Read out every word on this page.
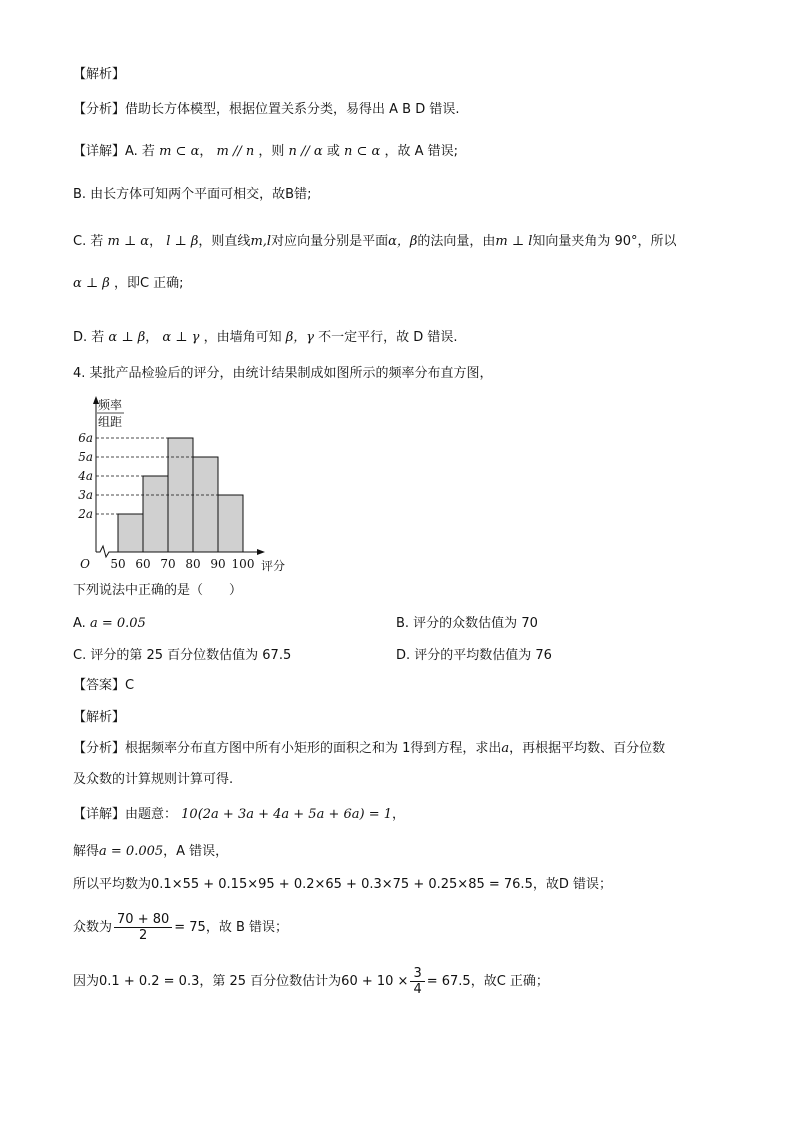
【解析】
【分析】借助长方体模型，根据位置关系分类，易得出 A B D 错误.
【详解】A. 若 m ⊂ α， m // n ，则 n // α 或 n ⊂ α ，故 A 错误;
B. 由长方体可知两个平面可相交，故B错;
C. 若 m ⊥ α， l ⊥ β，则直线m,l对应向量分别是平面α，β的法向量，由m ⊥ l知向量夹角为 90°，所以
α ⊥ β ，即C 正确;
D. 若 α ⊥ β， α ⊥ γ ，由墙角可知 β，γ 不一定平行，故 D 错误.
4. 某批产品检验后的评分，由统计结果制成如图所示的频率分布直方图，
2a
3a
4a
5a
6a
50 60 70 80 90 100
O	评分
频率
组距
下列说法中正确的是（　　）
A. a = 0.05	B. 评分的众数估值为 70
C. 评分的第 25 百分位数估值为 67.5	D. 评分的平均数估值为 76
【答案】C
【解析】
【分析】根据频率分布直方图中所有小矩形的面积之和为 1得到方程，求出a，再根据平均数、百分位数
及众数的计算规则计算可得.
【详解】由题意： 10(2a + 3a + 4a + 5a + 6a) = 1，
解得a = 0.005，A 错误，
所以平均数为0.1×55 + 0.15×95 + 0.2×65 + 0.3×75 + 0.25×85 = 76.5，故D 错误；
众数为 $\frac{70 + 80}{2} = 75$，故 B 错误；
因为0.1 + 0.2 = 0.3，第 25 百分位数估计为$60 + 10 \times \frac{3}{4} = 67.5$，故C 正确；
